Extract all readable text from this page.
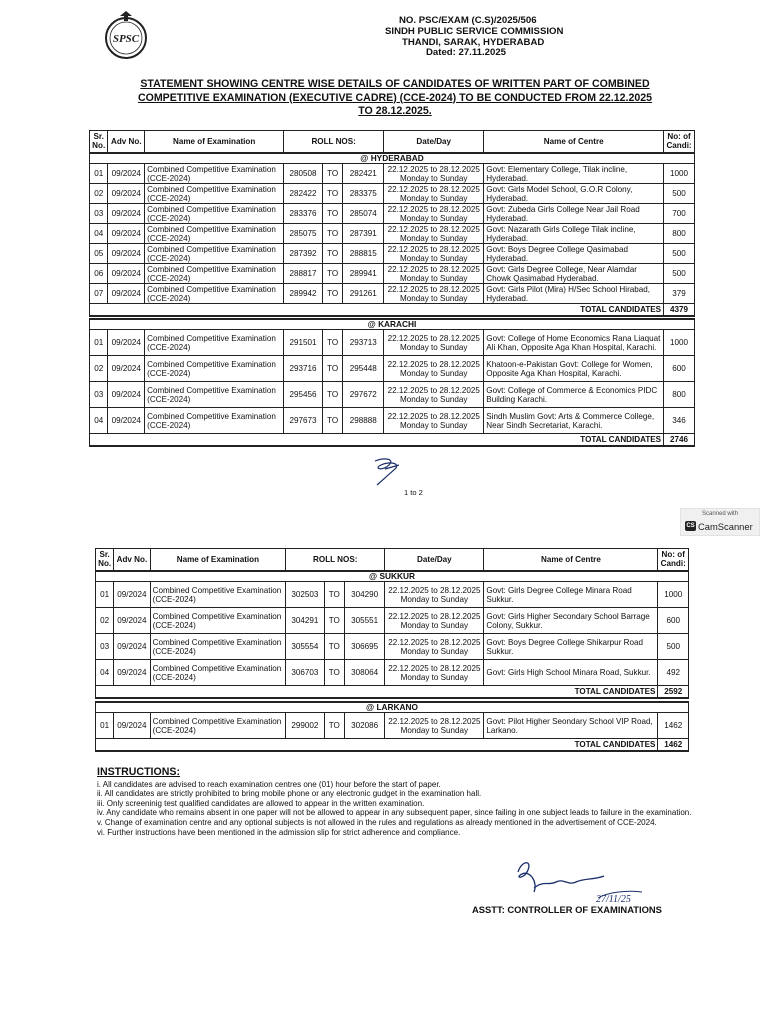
SPSC
NO. PSC/EXAM (C.S)/2025/506
SINDH PUBLIC SERVICE COMMISSION
THANDI, SARAK, HYDERABAD
Dated: 27.11.2025
STATEMENT SHOWING CENTRE WISE DETAILS OF CANDIDATES OF WRITTEN PART OF COMBINED
COMPETITIVE EXAMINATION (EXECUTIVE CADRE) (CCE-2024) TO BE CONDUCTED FROM 22.12.2025
TO 28.12.2025.
Sr. No.	Adv No.	Name of Examination	ROLL NOS:			Date/Day	Name of Centre	No: of Candi:
@ HYDERABAD								
01	09/2024	Combined Competitive Examination (CCE-2024)	280508	TO	282421	22.12.2025 to 28.12.2025
Monday to Sunday	Govt: Elementary College, Tilak incline, Hyderabad.	1000
02	09/2024	Combined Competitive Examination (CCE-2024)	282422	TO	283375	22.12.2025 to 28.12.2025
Monday to Sunday	Govt: Girls Model School, G.O.R Colony, Hyderabad.	500
03	09/2024	Combined Competitive Examination (CCE-2024)	283376	TO	285074	22.12.2025 to 28.12.2025
Monday to Sunday	Govt: Zubeda Girls College Near Jail Road Hyderabad.	700
04	09/2024	Combined Competitive Examination (CCE-2024)	285075	TO	287391	22.12.2025 to 28.12.2025
Monday to Sunday	Govt: Nazarath Girls College Tilak incline, Hyderabad.	800
05	09/2024	Combined Competitive Examination (CCE-2024)	287392	TO	288815	22.12.2025 to 28.12.2025
Monday to Sunday	Govt: Boys Degree College Qasimabad Hyderabad.	500
06	09/2024	Combined Competitive Examination (CCE-2024)	288817	TO	289941	22.12.2025 to 28.12.2025
Monday to Sunday	Govt: Girls Degree College, Near Alamdar Chowk Qasimabad Hyderabad.	500
07	09/2024	Combined Competitive Examination (CCE-2024)	289942	TO	291261	22.12.2025 to 28.12.2025
Monday to Sunday	Govt: Girls Pilot (Mira) H/Sec School Hirabad, Hyderabad.	379
TOTAL CANDIDATES								4379

@ KARACHI								
01	09/2024	Combined Competitive Examination (CCE-2024)	291501	TO	293713	22.12.2025 to 28.12.2025
Monday to Sunday	Govt: College of Home Economics Rana Liaquat Ali Khan, Opposite Aga Khan Hospital, Karachi.	1000
02	09/2024	Combined Competitive Examination (CCE-2024)	293716	TO	295448	22.12.2025 to 28.12.2025
Monday to Sunday	Khatoon-e-Pakistan Govt: College for Women, Opposite Aga Khan Hospital, Karachi.	600
03	09/2024	Combined Competitive Examination (CCE-2024)	295456	TO	297672	22.12.2025 to 28.12.2025
Monday to Sunday	Govt: College of Commerce & Economics PIDC Building Karachi.	800
04	09/2024	Combined Competitive Examination (CCE-2024)	297673	TO	298888	22.12.2025 to 28.12.2025
Monday to Sunday	Sindh Muslim Govt: Arts & Commerce College, Near Sindh Secretariat, Karachi.	346
TOTAL CANDIDATES								2746
1 to 2
Scanned with
CS CamScanner
Sr. No.	Adv No.	Name of Examination	ROLL NOS:			Date/Day	Name of Centre	No: of Candi:
@ SUKKUR								
01	09/2024	Combined Competitive Examination (CCE-2024)	302503	TO	304290	22.12.2025 to 28.12.2025
Monday to Sunday	Govt: Girls Degree College Minara Road Sukkur.	1000
02	09/2024	Combined Competitive Examination (CCE-2024)	304291	TO	305551	22.12.2025 to 28.12.2025
Monday to Sunday	Govt: Girls Higher Secondary School Barrage Colony, Sukkur.	600
03	09/2024	Combined Competitive Examination (CCE-2024)	305554	TO	306695	22.12.2025 to 28.12.2025
Monday to Sunday	Govt: Boys Degree College Shikarpur Road Sukkur.	500
04	09/2024	Combined Competitive Examination (CCE-2024)	306703	TO	308064	22.12.2025 to 28.12.2025
Monday to Sunday	Govt: Girls High School Minara Road, Sukkur.	492
TOTAL CANDIDATES								2592

@ LARKANO								
01	09/2024	Combined Competitive Examination (CCE-2024)	299002	TO	302086	22.12.2025 to 28.12.2025
Monday to Sunday	Govt: Pilot Higher Seondary School VIP Road, Larkano.	1462
TOTAL CANDIDATES								1462
INSTRUCTIONS:
i. All candidates are advised to reach examination centres one (01) hour before the start of paper.
ii. All candidates are strictly prohibited to bring mobile phone or any electronic gudget in the examination hall.
iii. Only screeninig test qualified candidates are allowed to appear in the written examination.
iv. Any candidate who remains absent in one paper will not be allowed to appear in any subsequent paper, since failing in one subject leads to failure in the examination.
v. Change of examination centre and any optional subjects is not allowed in the rules and regulations as already mentioned in the advertisement of CCE-2024.
vi. Further instructions have been mentioned in the admission slip for strict adherence and compliance.
27/11/25
ASSTT: CONTROLLER OF EXAMINATIONS
